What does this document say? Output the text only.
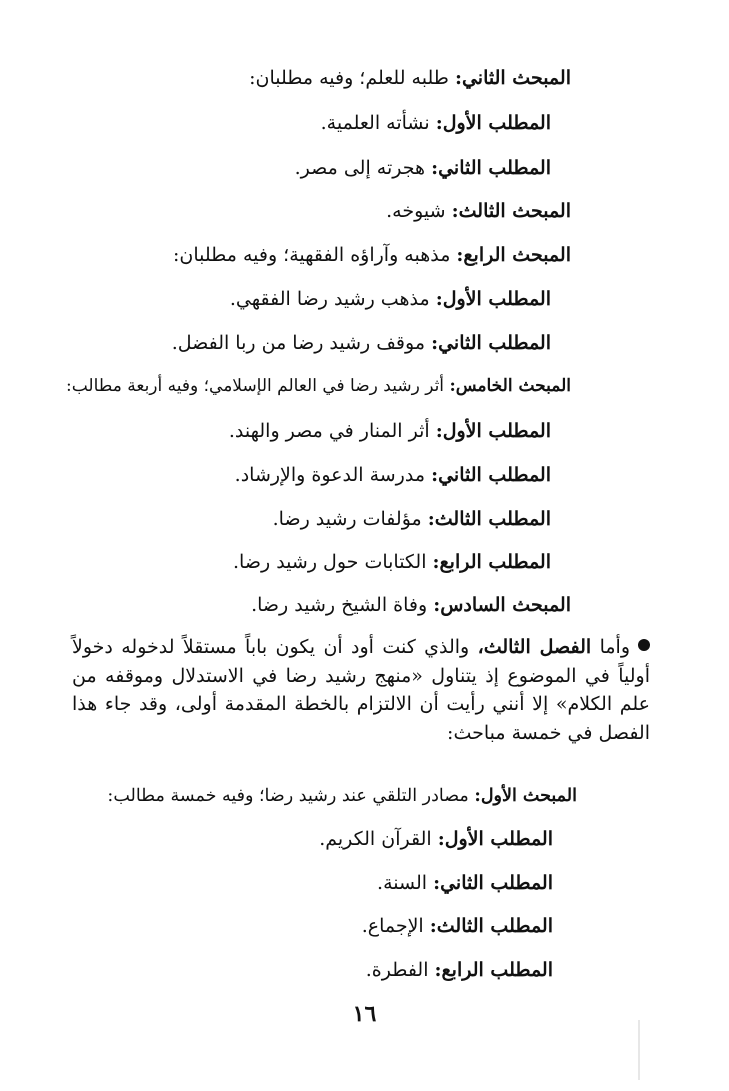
المبحث الثاني: طلبه للعلم؛ وفيه مطلبان:
المطلب الأول: نشأته العلمية.
المطلب الثاني: هجرته إلى مصر.
المبحث الثالث: شيوخه.
المبحث الرابع: مذهبه وآراؤه الفقهية؛ وفيه مطلبان:
المطلب الأول: مذهب رشيد رضا الفقهي.
المطلب الثاني: موقف رشيد رضا من ربا الفضل.
المبحث الخامس: أثر رشيد رضا في العالم الإسلامي؛ وفيه أربعة مطالب:
المطلب الأول: أثر المنار في مصر والهند.
المطلب الثاني: مدرسة الدعوة والإرشاد.
المطلب الثالث: مؤلفات رشيد رضا.
المطلب الرابع: الكتابات حول رشيد رضا.
المبحث السادس: وفاة الشيخ رشيد رضا.
وأما الفصل الثالث، والذي كنت أود أن يكون باباً مستقلاً لدخوله دخولاً أولياً في الموضوع إذ يتناول «منهج رشيد رضا في الاستدلال وموقفه من علم الكلام» إلا أنني رأيت أن الالتزام بالخطة المقدمة أولى، وقد جاء هذا الفصل في خمسة مباحث:
المبحث الأول: مصادر التلقي عند رشيد رضا؛ وفيه خمسة مطالب:
المطلب الأول: القرآن الكريم.
المطلب الثاني: السنة.
المطلب الثالث: الإجماع.
المطلب الرابع: الفطرة.
١٦
